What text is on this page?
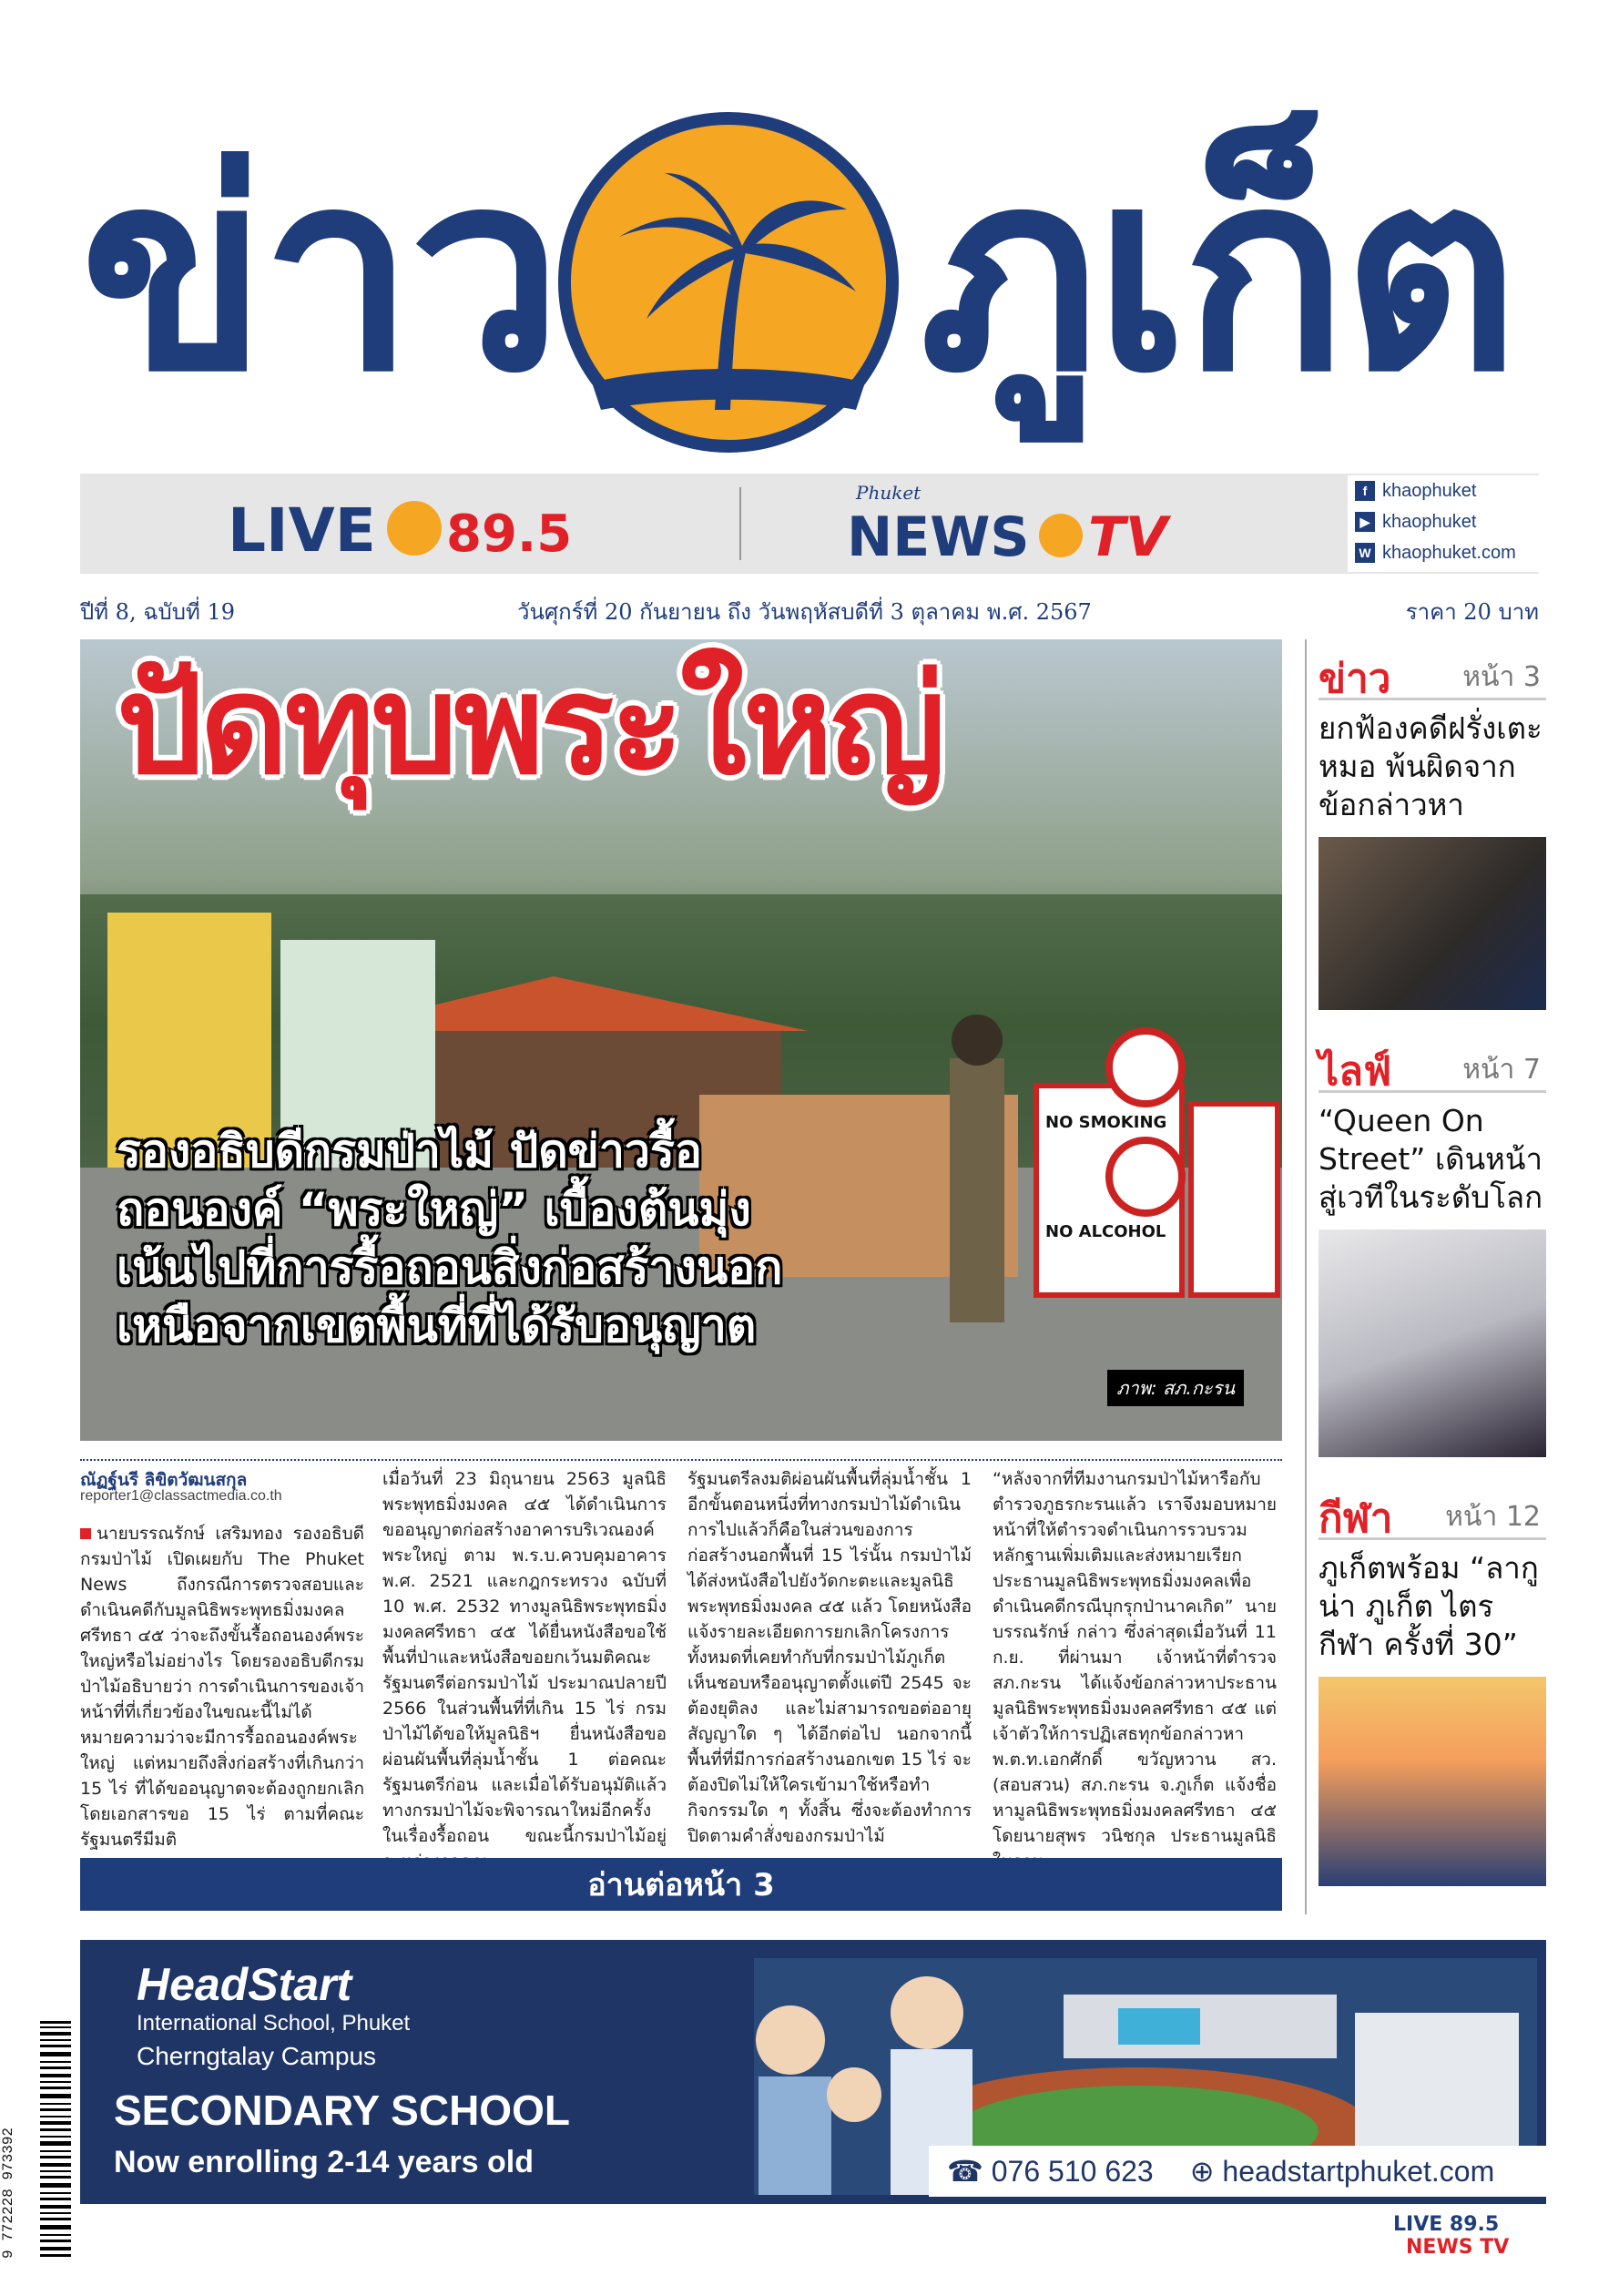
ข่าว ภูเก็ต
LIVE 89.5
Phuket
NEWS TV
f khaophuket
▶ khaophuket
W khaophuket.com
ปีที่ 8, ฉบับที่ 19	วันศุกร์ที่ 20 กันยายน ถึง วันพฤหัสบดีที่ 3 ตุลาคม พ.ศ. 2567	ราคา 20 บาท
ปัดทุบพระใหญ่
รองอธิบดีกรมป่าไม้ ปัดข่าวรื้อ
ถอนองค์ “พระใหญ่” เบื้องต้นมุ่ง
เน้นไปที่การรื้อถอนสิ่งก่อสร้างนอก
เหนือจากเขตพื้นที่ที่ได้รับอนุญาต
ภาพ: สภ.กะรน
NO SMOKING
NO ALCOHOL
ข่าว	หน้า 3
ยกฟ้องคดีฝรั่งเตะหมอ พ้นผิดจากข้อกล่าวหา
ไลฟ์	หน้า 7
“Queen On Street” เดินหน้าสู่เวทีในระดับโลก
กีฬา หน้า 12
ภูเก็ตพร้อม “ลากูน่า ภูเก็ต ไตรกีฬา ครั้งที่ 30”
ณัฏฐ์นรี ลิขิตวัฒนสกุล
reporter1@classactmedia.co.th
นายบรรณรักษ์ เสริมทอง รองอธิบดีกรมป่าไม้ เปิดเผยกับ The Phuket News ถึงกรณีการตรวจสอบและดำเนินคดีกับมูลนิธิพระพุทธมิ่งมงคลศรีทธา ๔๕ ว่าจะถึงขั้นรื้อถอนองค์พระใหญ่หรือไม่อย่างไร โดยรองอธิบดีกรมป่าไม้อธิบายว่า การดำเนินการของเจ้าหน้าที่ที่เกี่ยวข้องในขณะนี้ไม่ได้หมายความว่าจะมีการรื้อถอนองค์พระใหญ่ แต่หมายถึงสิ่งก่อสร้างที่เกินกว่า 15 ไร่ ที่ได้ขออนุญาตจะต้องถูกยกเลิก โดยเอกสารขอ 15 ไร่ ตามที่คณะรัฐมนตรีมีมติ
เมื่อวันที่ 23 มิถุนายน 2563 มูลนิธิพระพุทธมิ่งมงคล ๔๕ ได้ดำเนินการขออนุญาตก่อสร้างอาคารบริเวณองค์พระใหญ่ ตาม พ.ร.บ.ควบคุมอาคาร พ.ศ. 2521 และกฎกระทรวง ฉบับที่ 10 พ.ศ. 2532 ทางมูลนิธิพระพุทธมิ่งมงคลศรีทธา ๔๕ ได้ยื่นหนังสือขอใช้พื้นที่ป่าและหนังสือขอยกเว้นมติคณะรัฐมนตรีต่อกรมป่าไม้ ประมาณปลายปี 2566 ในส่วนพื้นที่ที่เกิน 15 ไร่ กรมป่าไม้ได้ขอให้มูลนิธิฯ ยื่นหนังสือขอผ่อนผันพื้นที่ลุ่มน้ำชั้น 1 ต่อคณะรัฐมนตรีก่อน และเมื่อได้รับอนุมัติแล้ว ทางกรมป่าไม้จะพิจารณาใหม่อีกครั้งในเรื่องรื้อถอน ขณะนี้กรมป่าไม้อยู่
รัฐมนตรีลงมติผ่อนผันพื้นที่ลุ่มน้ำชั้น 1 อีกขั้นตอนหนึ่งที่ทางกรมป่าไม้ดำเนินการไปแล้วก็คือในส่วนของการก่อสร้างนอกพื้นที่ 15 ไร่นั้น กรมป่าไม้ได้ส่งหนังสือไปยังวัดกะตะและมูลนิธิพระพุทธมิ่งมงคล ๔๕ แล้ว โดยหนังสือแจ้งรายละเอียดการยกเลิกโครงการทั้งหมดที่เคยทำกับที่กรมป่าไม้ภูเก็ตเห็นชอบหรืออนุญาตตั้งแต่ปี 2545 จะต้องยุติลง และไม่สามารถขอต่ออายุสัญญาใด ๆ ได้อีกต่อไป นอกจากนี้พื้นที่ที่มีการก่อสร้างนอกเขต 15 ไร่ จะต้องปิดไม่ให้ใครเข้ามาใช้หรือทำกิจกรรมใด ๆ ทั้งสิ้น ซึ่งจะต้องทำการปิดตามคำสั่งของกรมป่าไม้
“หลังจากที่ทีมงานกรมป่าไม้หารือกับตำรวจภูธรกะรนแล้ว เราจึงมอบหมายหน้าที่ให้ตำรวจดำเนินการรวบรวมหลักฐานเพิ่มเติมและส่งหมายเรียกประธานมูลนิธิพระพุทธมิ่งมงคลเพื่อดำเนินคดีกรณีบุกรุกป่านาคเกิด” นายบรรณรักษ์ กล่าว ซึ่งล่าสุดเมื่อวันที่ 11 ก.ย. ที่ผ่านมา เจ้าหน้าที่ตำรวจ สภ.กะรน ได้แจ้งข้อกล่าวหาประธานมูลนิธิพระพุทธมิ่งมงคลศรีทธา ๔๕ แต่เจ้าตัวให้การปฏิเสธทุกข้อกล่าวหา พ.ต.ท.เอกศักดิ์ ขวัญหวาน สว.(สอบสวน) สภ.กะรน จ.ภูเก็ต แจ้งชื่อหามูลนิธิพระพุทธมิ่งมงคลศรีทธา ๔๕ โดยนายสุพร วนิชกุล ประธานมูลนิธิ
อ่านต่อหน้า 3
HeadStart
International School, Phuket
Cherngtalay Campus
SECONDARY SCHOOL
Now enrolling 2-14 years old	☎ 076 510 623 ⊕ headstartphuket.com
9 772228 973392	LIVE 89.5 NEWS TV
